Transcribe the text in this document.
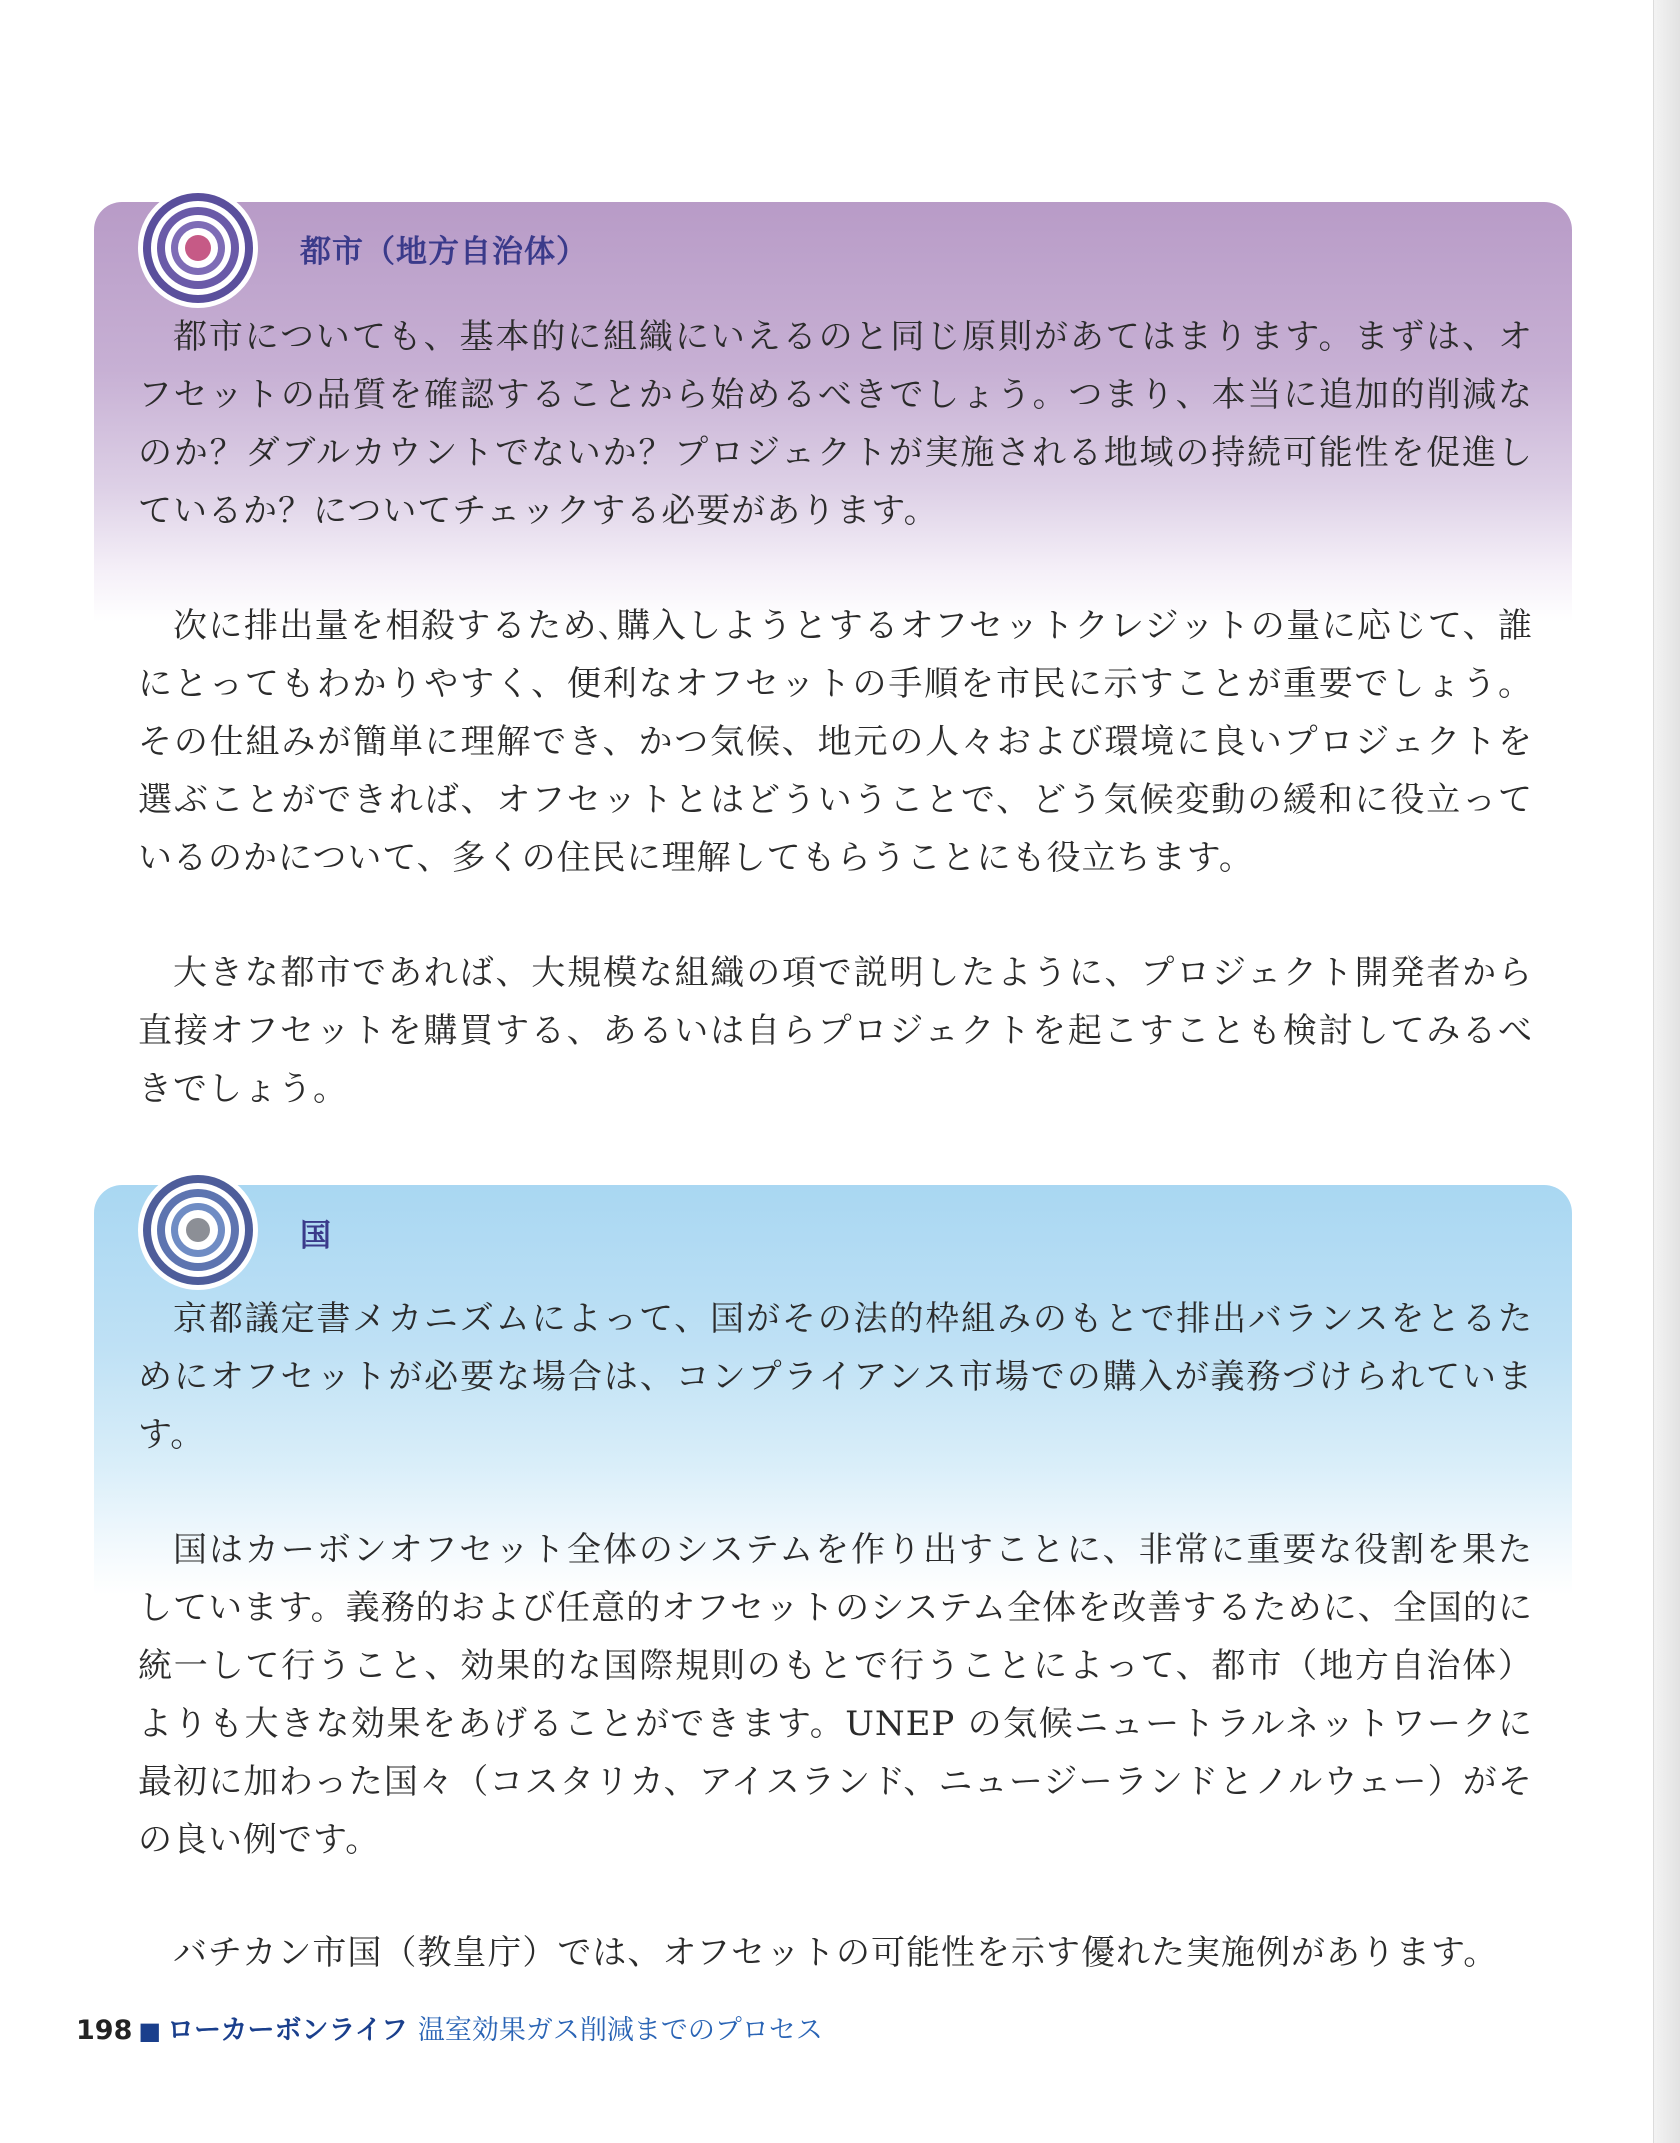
都市（地方自治体）

都市についても、基本的に組織にいえるのと同じ原則があてはまります。まずは、オフセットの品質を確認することから始めるべきでしょう。つまり、本当に追加的削減なのか？ダブルカウントでないか？プロジェクトが実施される地域の持続可能性を促進しているか？についてチェックする必要があります。

次に排出量を相殺するため､購入しようとするオフセットクレジットの量に応じて、誰にとってもわかりやすく、便利なオフセットの手順を市民に示すことが重要でしょう。その仕組みが簡単に理解でき、かつ気候、地元の人々および環境に良いプロジェクトを選ぶことができれば、オフセットとはどういうことで、どう気候変動の緩和に役立っているのかについて、多くの住民に理解してもらうことにも役立ちます。

大きな都市であれば、大規模な組織の項で説明したように、プロジェクト開発者から直接オフセットを購買する、あるいは自らプロジェクトを起こすことも検討してみるべきでしょう。

国

京都議定書メカニズムによって、国がその法的枠組みのもとで排出バランスをとるためにオフセットが必要な場合は、コンプライアンス市場での購入が義務づけられています。

国はカーボンオフセット全体のシステムを作り出すことに、非常に重要な役割を果たしています。義務的および任意的オフセットのシステム全体を改善するために、全国的に統一して行うこと、効果的な国際規則のもとで行うことによって、都市（地方自治体）よりも大きな効果をあげることができます。UNEP の気候ニュートラルネットワークに最初に加わった国々（コスタリカ、アイスランド、ニュージーランドとノルウェー）がその良い例です。

バチカン市国（教皇庁）では、オフセットの可能性を示す優れた実施例があります。

198 ■ ローカーボンライフ 温室効果ガス削減までのプロセス
